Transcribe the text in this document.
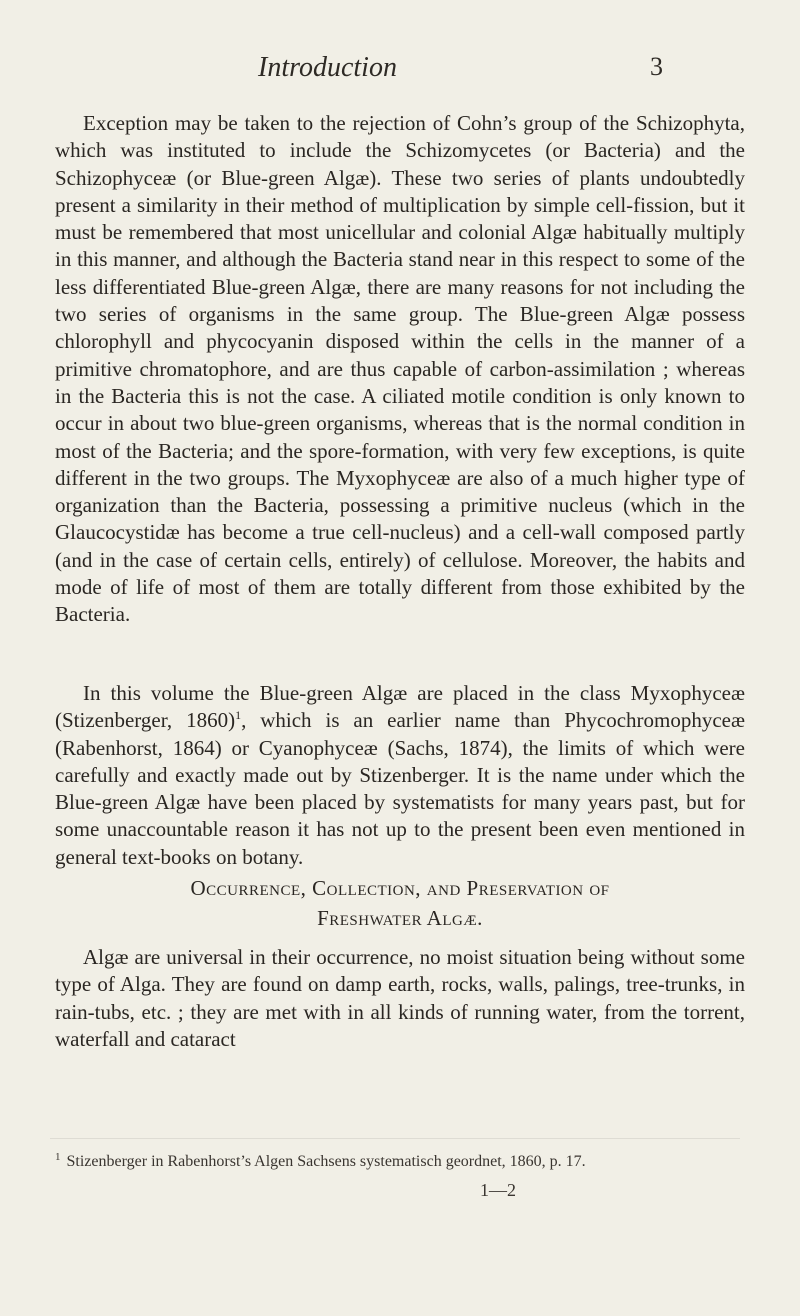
Introduction	3

Exception may be taken to the rejection of Cohn’s group of the Schizophyta, which was instituted to include the Schizomycetes (or Bacteria) and the Schizophyceæ (or Blue-green Algæ). These two series of plants undoubtedly present a similarity in their method of multiplication by simple cell-fission, but it must be remembered that most unicellular and colonial Algæ habitually multiply in this manner, and although the Bacteria stand near in this respect to some of the less differentiated Blue-green Algæ, there are many reasons for not including the two series of organisms in the same group. The Blue-green Algæ possess chlorophyll and phycocyanin disposed within the cells in the manner of a primitive chromatophore, and are thus capable of carbon-assimilation ; whereas in the Bacteria this is not the case. A ciliated motile condition is only known to occur in about two blue-green organisms, whereas that is the normal condition in most of the Bacteria; and the spore-formation, with very few exceptions, is quite different in the two groups. The Myxophyceæ are also of a much higher type of organization than the Bacteria, possessing a primitive nucleus (which in the Glaucocystidæ has become a true cell-nucleus) and a cell-wall composed partly (and in the case of certain cells, entirely) of cellulose. Moreover, the habits and mode of life of most of them are totally different from those exhibited by the Bacteria.

In this volume the Blue-green Algæ are placed in the class Myxophyceæ (Stizenberger, 1860)$^1$, which is an earlier name than Phycochromophyceæ (Rabenhorst, 1864) or Cyanophyceæ (Sachs, 1874), the limits of which were carefully and exactly made out by Stizenberger. It is the name under which the Blue-green Algæ have been placed by systematists for many years past, but for some unaccountable reason it has not up to the present been even mentioned in general text-books on botany.

Occurrence, Collection, and Preservation of
Freshwater Algæ.

Algæ are universal in their occurrence, no moist situation being without some type of Alga. They are found on damp earth, rocks, walls, palings, tree-trunks, in rain-tubs, etc. ; they are met with in all kinds of running water, from the torrent, waterfall and cataract

$^1$ Stizenberger in Rabenhorst’s Algen Sachsens systematisch geordnet, 1860, p. 17.
1—2
